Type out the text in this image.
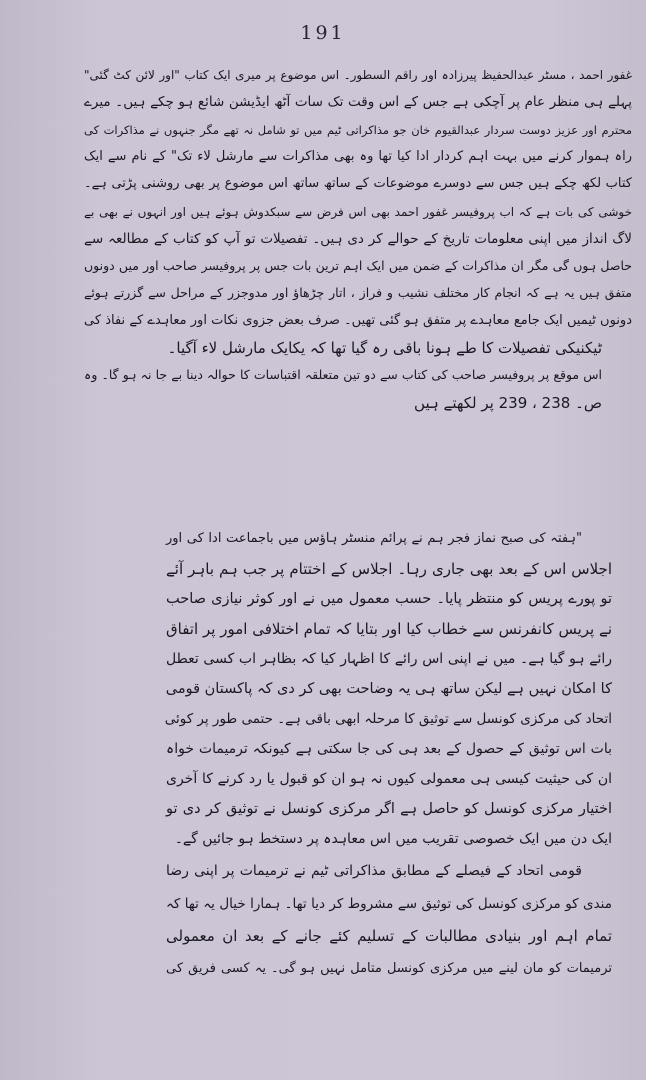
191
غفور احمد ، مسٹر عبدالحفیظ پیرزادہ اور راقم السطور۔ اس موضوع پر میری ایک کتاب "اور لائن کٹ گئی"
پہلے ہی منظر عام پر آچکی ہے جس کے اس وقت تک سات آٹھ ایڈیشن شائع ہو چکے ہیں۔ میرے
محترم اور عزیز دوست سردار عبدالقیوم خان جو مذاکراتی ٹیم میں تو شامل نہ تھے مگر جنہوں نے مذاکرات کی
راہ ہموار کرنے میں بہت اہم کردار ادا کیا تھا وہ بھی مذاکرات سے مارشل لاء تک" کے نام سے ایک
کتاب لکھ چکے ہیں جس سے دوسرے موضوعات کے ساتھ ساتھ اس موضوع پر بھی روشنی پڑتی ہے۔
خوشی کی بات ہے کہ اب پروفیسر غفور احمد بھی اس فرض سے سبکدوش ہوئے ہیں اور انہوں نے بھی بے
لاگ انداز میں اپنی معلومات تاریخ کے حوالے کر دی ہیں۔ تفصیلات تو آپ کو کتاب کے مطالعہ سے
حاصل ہوں گی مگر ان مذاکرات کے ضمن میں ایک اہم ترین بات جس پر پروفیسر صاحب اور میں دونوں
متفق ہیں یہ ہے کہ انجام کار مختلف نشیب و فراز ، اتار چڑھاؤ اور مدوجزر کے مراحل سے گزرتے ہوئے
دونوں ٹیمیں ایک جامع معاہدے پر متفق ہو گئی تھیں۔ صرف بعض جزوی نکات اور معاہدے کے نفاذ کی
ٹیکنیکی تفصیلات کا طے ہونا باقی رہ گیا تھا کہ یکایک مارشل لاء آگیا۔
اس موقع پر پروفیسر صاحب کی کتاب سے دو تین متعلقہ اقتباسات کا حوالہ دینا بے جا نہ ہو گا۔ وہ
ص۔ 238 ، 239 پر لکھتے ہیں
"ہفتہ کی صبح نماز فجر ہم نے پرائم منسٹر ہاؤس میں باجماعت ادا کی اور
اجلاس اس کے بعد بھی جاری رہا۔ اجلاس کے اختتام پر جب ہم باہر آئے
تو پورے پریس کو منتظر پایا۔ حسب معمول میں نے اور کوثر نیازی صاحب
نے پریس کانفرنس سے خطاب کیا اور بتایا کہ تمام اختلافی امور پر اتفاق
رائے ہو گیا ہے۔ میں نے اپنی اس رائے کا اظہار کیا کہ بظاہر اب کسی تعطل
کا امکان نہیں ہے لیکن ساتھ ہی یہ وضاحت بھی کر دی کہ پاکستان قومی
اتحاد کی مرکزی کونسل سے توثیق کا مرحلہ ابھی باقی ہے۔ حتمی طور پر کوئی
بات اس توثیق کے حصول کے بعد ہی کی جا سکتی ہے کیونکہ ترمیمات خواہ
ان کی حیثیت کیسی ہی معمولی کیوں نہ ہو ان کو قبول یا رد کرنے کا آخری
اختیار مرکزی کونسل کو حاصل ہے اگر مرکزی کونسل نے توثیق کر دی تو
ایک دن میں ایک خصوصی تقریب میں اس معاہدہ پر دستخط ہو جائیں گے۔
قومی اتحاد کے فیصلے کے مطابق مذاکراتی ٹیم نے ترمیمات پر اپنی رضا
مندی کو مرکزی کونسل کی توثیق سے مشروط کر دیا تھا۔ ہمارا خیال یہ تھا کہ
تمام اہم اور بنیادی مطالبات کے تسلیم کئے جانے کے بعد ان معمولی
ترمیمات کو مان لینے میں مرکزی کونسل متامل نہیں ہو گی۔ یہ کسی فریق کی
